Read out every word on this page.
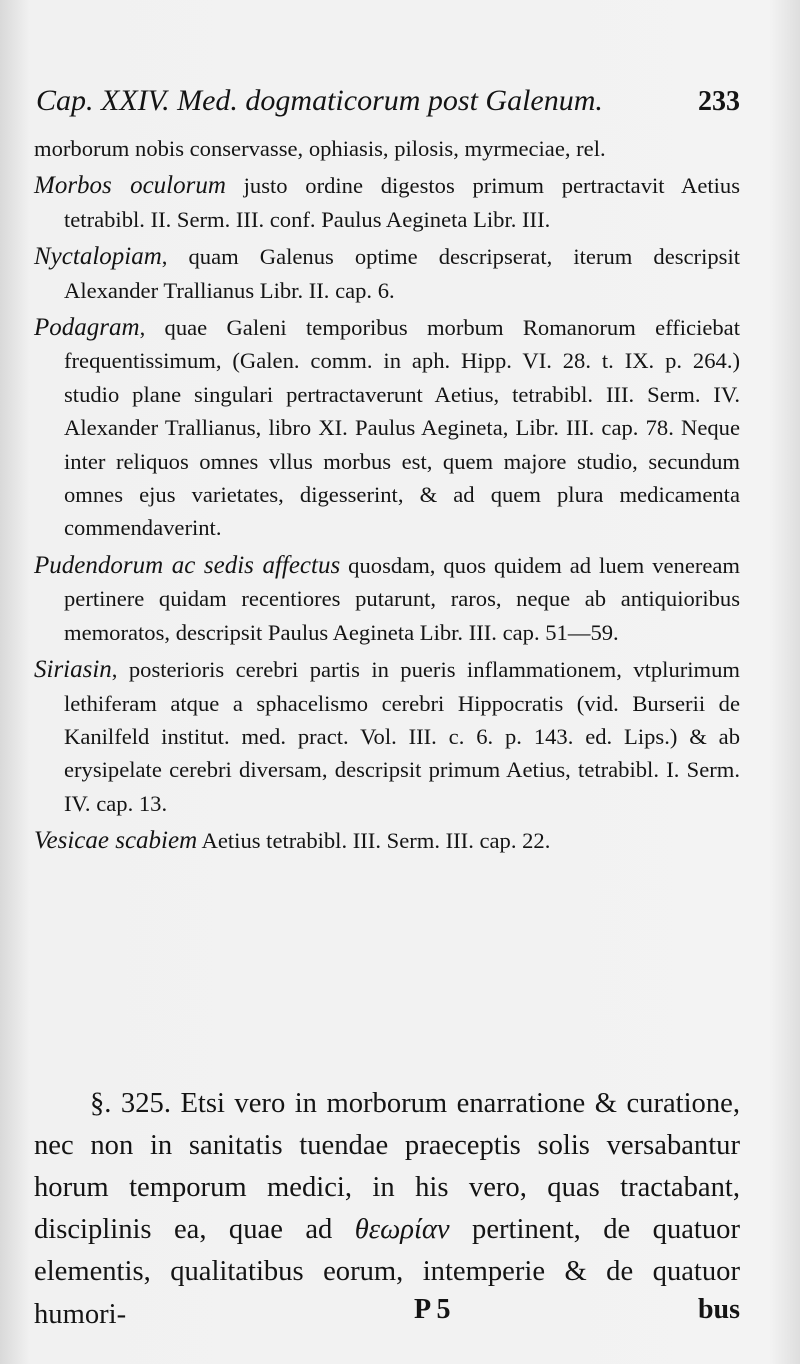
Cap. XXIV. Med. dogmaticorum post Galenum.	233

morborum nobis conservasse, ophiasis, pilosis, myrmeciae, rel.

Morbos oculorum justo ordine digestos primum pertractavit Aetius tetrabibl. II. Serm. III. conf. Paulus Aegineta Libr. III.

Nyctalopiam, quam Galenus optime descripserat, iterum descripsit Alexander Trallianus Libr. II. cap. 6.

Podagram, quae Galeni temporibus morbum Romanorum efficiebat frequentissimum, (Galen. comm. in aph. Hipp. VI. 28. t. IX. p. 264.) studio plane singulari pertractaverunt Aetius, tetrabibl. III. Serm. IV. Alexander Trallianus, libro XI. Paulus Aegineta, Libr. III. cap. 78. Neque inter reliquos omnes vllus morbus est, quem majore studio, secundum omnes ejus varietates, digesserint, & ad quem plura medicamenta commendaverint.

Pudendorum ac sedis affectus quosdam, quos quidem ad luem veneream pertinere quidam recentiores putarunt, raros, neque ab antiquioribus memoratos, descripsit Paulus Aegineta Libr. III. cap. 51—59.

Siriasin, posterioris cerebri partis in pueris inflammationem, vtplurimum lethiferam atque a sphacelismo cerebri Hippocratis (vid. Burserii de Kanilfeld institut. med. pract. Vol. III. c. 6. p. 143. ed. Lips.) & ab erysipelate cerebri diversam, descripsit primum Aetius, tetrabibl. I. Serm. IV. cap. 13.

Vesicae scabiem Aetius tetrabibl. III. Serm. III. cap. 22.

§. 325. Etsi vero in morborum enarratione & curatione, nec non in sanitatis tuendae praeceptis solis versabantur horum temporum medici, in his vero, quas tractabant, disciplinis ea, quae ad θεωρίαν pertinent, de quatuor elementis, qualitatibus eorum, intemperie & de quatuor humori-	P 5	bus
